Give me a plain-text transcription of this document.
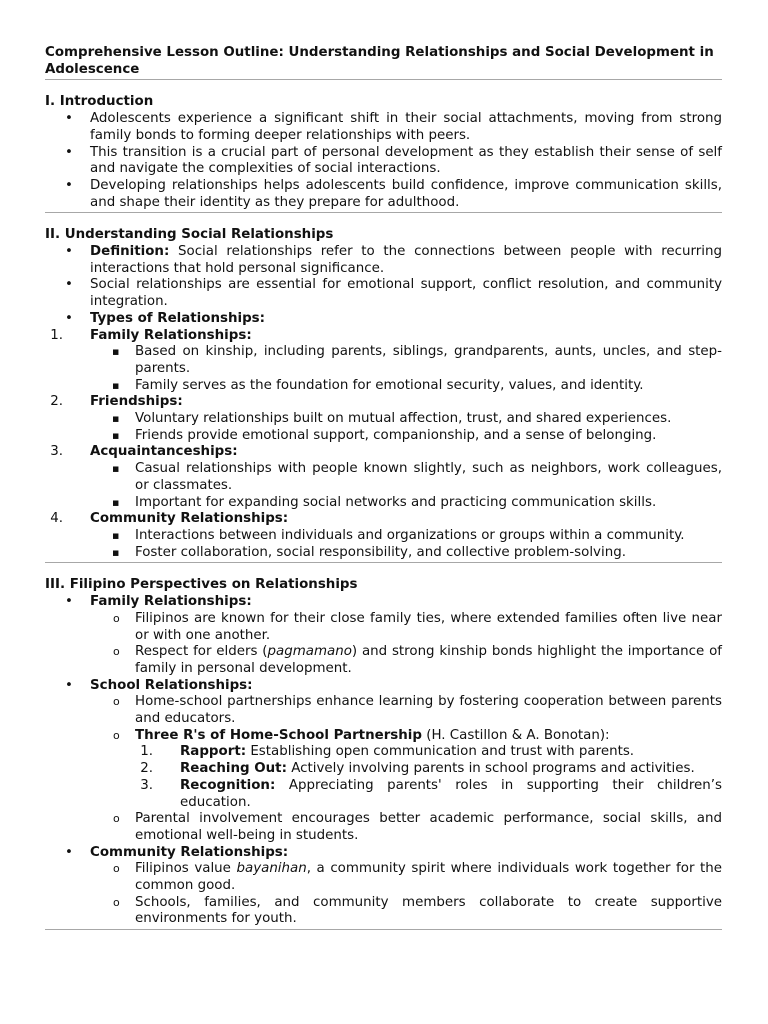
Comprehensive Lesson Outline: Understanding Relationships and Social Development in Adolescence
I. Introduction
• Adolescents experience a significant shift in their social attachments, moving from strong family bonds to forming deeper relationships with peers.
• This transition is a crucial part of personal development as they establish their sense of self and navigate the complexities of social interactions.
• Developing relationships helps adolescents build confidence, improve communication skills, and shape their identity as they prepare for adulthood.
II. Understanding Social Relationships
• Definition: Social relationships refer to the connections between people with recurring interactions that hold personal significance.
• Social relationships are essential for emotional support, conflict resolution, and community integration.
• Types of Relationships:
1. Family Relationships:
▪ Based on kinship, including parents, siblings, grandparents, aunts, uncles, and step-parents.
▪ Family serves as the foundation for emotional security, values, and identity.
2. Friendships:
▪ Voluntary relationships built on mutual affection, trust, and shared experiences.
▪ Friends provide emotional support, companionship, and a sense of belonging.
3. Acquaintanceships:
▪ Casual relationships with people known slightly, such as neighbors, work colleagues, or classmates.
▪ Important for expanding social networks and practicing communication skills.
4. Community Relationships:
▪ Interactions between individuals and organizations or groups within a community.
▪ Foster collaboration, social responsibility, and collective problem-solving.
III. Filipino Perspectives on Relationships
• Family Relationships:
o Filipinos are known for their close family ties, where extended families often live near or with one another.
o Respect for elders (pagmamano) and strong kinship bonds highlight the importance of family in personal development.
• School Relationships:
o Home-school partnerships enhance learning by fostering cooperation between parents and educators.
o Three R's of Home-School Partnership (H. Castillon & A. Bonotan):
1. Rapport: Establishing open communication and trust with parents.
2. Reaching Out: Actively involving parents in school programs and activities.
3. Recognition: Appreciating parents' roles in supporting their children’s education.
o Parental involvement encourages better academic performance, social skills, and emotional well-being in students.
• Community Relationships:
o Filipinos value bayanihan, a community spirit where individuals work together for the common good.
o Schools, families, and community members collaborate to create supportive environments for youth.
